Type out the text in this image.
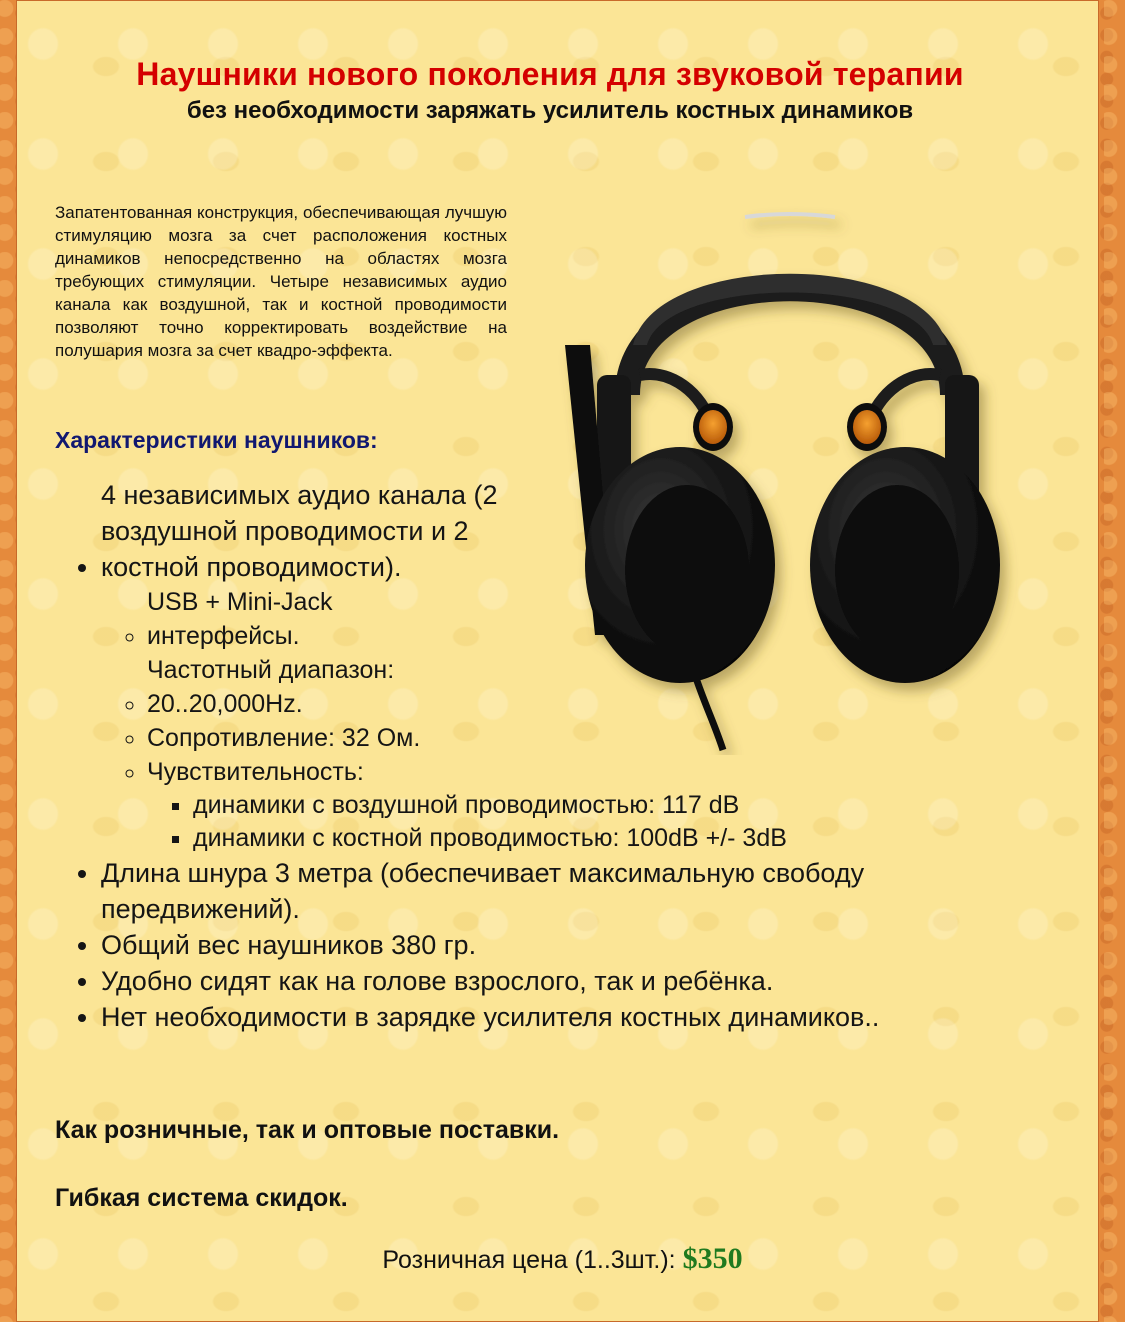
Наушники нового поколения для звуковой терапии
без необходимости заряжать усилитель костных динамиков
Запатентованная конструкция, обеспечивающая лучшую стимуляцию мозга за счет расположения костных динамиков непосредственно на областях мозга требующих стимуляции. Четыре независимых аудио канала как воздушной, так и костной проводимости позволяют точно корректировать воздействие на полушария мозга за счет квадро-эффекта.
Характеристики наушников:
• 4 независимых аудио канала (2 воздушной проводимости и 2 костной проводимости).
◦ USB + Mini-Jack интерфейсы.
◦ Частотный диапазон: 20..20,000Hz.
◦ Сопротивление: 32 Ом.
◦ Чувствительность:
▪ динамики с воздушной проводимостью: 117 dB
▪ динамики с костной проводимостью: 100dB +/- 3dB
• Длина шнура 3 метра (обеспечивает максимальную свободу передвижений).
• Общий вес наушников 380 гр.
• Удобно сидят как на голове взрослого, так и ребёнка.
• Нет необходимости в зарядке усилителя костных динамиков..
Как розничные, так и оптовые поставки.
Гибкая система скидок.
Розничная цена (1..3шт.): $350
